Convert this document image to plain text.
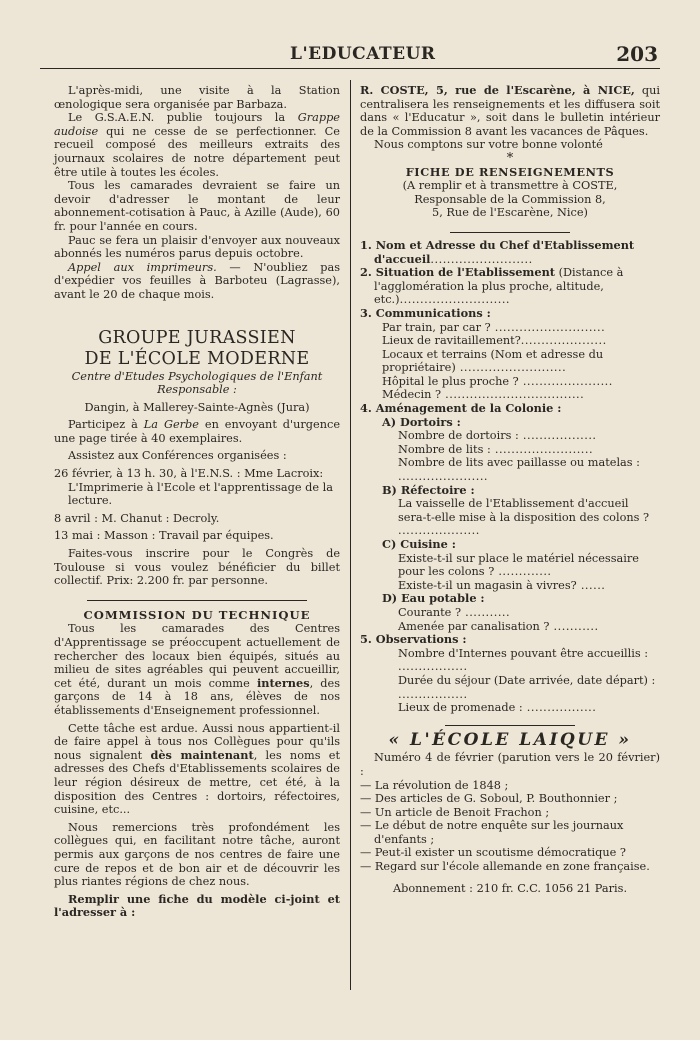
L'EDUCATEUR	203

L'après-midi, une visite à la Station œnologique sera organisée par Barbaza.

Le G.S.A.E.N. publie toujours la Grappe audoise qui ne cesse de se perfectionner. Ce recueil composé des meilleurs extraits des journaux scolaires de notre département peut être utile à toutes les écoles.

Tous les camarades devraient se faire un devoir d'adresser le montant de leur abonnement-cotisation à Pauc, à Azille (Aude), 60 fr. pour l'année en cours.

Pauc se fera un plaisir d'envoyer aux nouveaux abonnés les numéros parus depuis octobre.

Appel aux imprimeurs. — N'oubliez pas d'expédier vos feuilles à Barboteu (Lagrasse), avant le 20 de chaque mois.

GROUPE JURASSIEN
DE L'ÉCOLE MODERNE

Centre d'Etudes Psychologiques de l'Enfant Responsable :

Dangin, à Mallerey-Sainte-Agnès (Jura)

Participez à La Gerbe en envoyant d'urgence une page tirée à 40 exemplaires.

Assistez aux Conférences organisées :

26 février, à 13 h. 30, à l'E.N.S. : Mme Lacroix: L'Imprimerie à l'Ecole et l'apprentissage de la lecture.

8 avril : M. Chanut : Decroly.

13 mai : Masson : Travail par équipes.

Faites-vous inscrire pour le Congrès de Toulouse si vous voulez bénéficier du billet collectif. Prix: 2.200 fr. par personne.

COMMISSION DU TECHNIQUE

Tous les camarades des Centres d'Apprentissage se préoccupent actuellement de rechercher des locaux bien équipés, situés au milieu de sites agréables qui peuvent accueillir, cet été, durant un mois comme internes, des garçons de 14 à 18 ans, élèves de nos établissements d'Enseignement professionnel.

Cette tâche est ardue. Aussi nous appartient-il de faire appel à tous nos Collègues pour qu'ils nous signalent dès maintenant, les noms et adresses des Chefs d'Etablissements scolaires de leur région désireux de mettre, cet été, à la disposition des Centres : dortoirs, réfectoires, cuisine, etc...

Nous remercions très profondément les collègues qui, en facilitant notre tâche, auront permis aux garçons de nos centres de faire une cure de repos et de bon air et de découvrir les plus riantes régions de chez nous.

Remplir une fiche du modèle ci-joint et l'adresser à :

R. COSTE, 5, rue de l'Escarène, à NICE, qui centralisera les renseignements et les diffusera soit dans « l'Educatur », soit dans le bulletin intérieur de la Commission 8 avant les vacances de Pâques.

Nous comptons sur votre bonne volonté

*

FICHE DE RENSEIGNEMENTS

(A remplir et à transmettre à COSTE,

Responsable de la Commission 8,

5, Rue de l'Escarène, Nice)

1. Nom et Adresse du Chef d'Etablissement d'accueil.........................

2. Situation de l'Etablissement (Distance à l'agglomération la plus proche, altitude, etc.)...........................

3. Communications :

Par train, par car ? ...........................

Lieux de ravitaillement?.....................

Locaux et terrains (Nom et adresse du propriétaire) ..........................

Hôpital le plus proche ? ......................

Médecin ? ..................................

4. Aménagement de la Colonie :

A) Dortoirs :

Nombre de dortoirs : ..................

Nombre de lits : ........................

Nombre de lits avec paillasse ou matelas : ......................

B) Réfectoire :

La vaisselle de l'Etablissement d'accueil sera-t-elle mise à la disposition des colons ? ....................

C) Cuisine :

Existe-t-il sur place le matériel nécessaire pour les colons ? .............

Existe-t-il un magasin à vivres? ......

D) Eau potable :

Courante ? ...........

Amenée par canalisation ? ...........

5. Observations :

Nombre d'Internes pouvant être accueillis : .................

Durée du séjour (Date arrivée, date départ) : .................

Lieux de promenade : .................

« L'ÉCOLE LAIQUE »

Numéro 4 de février (parution vers le 20 février) :

— La révolution de 1848 ;

— Des articles de G. Soboul, P. Bouthonnier ;

— Un article de Benoit Frachon ;

— Le début de notre enquête sur les journaux d'enfants ;

— Peut-il exister un scoutisme démocratique ?

— Regard sur l'école allemande en zone française.

Abonnement : 210 fr. C.C. 1056 21 Paris.
